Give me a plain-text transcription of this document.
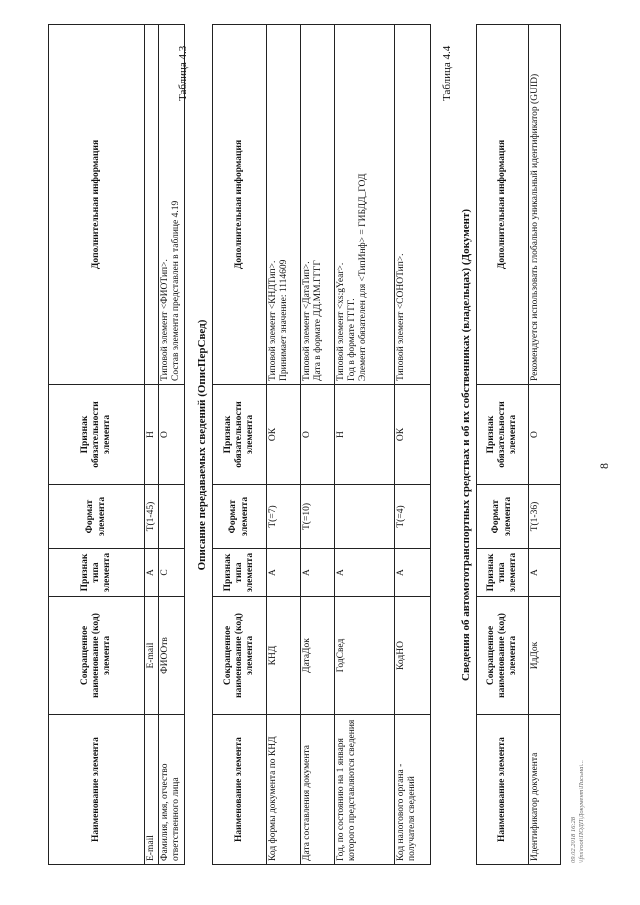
8
Наименование элемента	Сокращенное наименование (код) элемента	Признак типа элемента	Формат элемента	Признак обязательности элемента	Дополнительная информация
E-mail	E-mail	А	T(1-45)	Н	
Фамилия, имя, отчество ответственного лица	ФИООтв	С		О	Типовой элемент <ФИОТип>.
Состав элемента представлен в таблице 4.19
Таблица 4.3
Описание передаваемых сведений (ОписПерСвед)
Наименование элемента	Сокращенное наименование (код) элемента	Признак типа элемента	Формат элемента	Признак обязательности элемента	Дополнительная информация
Код формы документа по КНД	КНД	А	T(=7)	ОК	Типовой элемент <КНДТип>.
Принимает значение: 1114609
Дата составления документа	ДатаДок	А	T(=10)	О	Типовой элемент <ДатаТип>.
Дата в формате ДД.ММ.ГГГГ
Год, по состоянию на 1 января которого представляются сведения	ГодСвед	А		Н	Типовой элемент <xs:gYear>.
Год в формате ГГГГ.
Элемент обязателен для <ТипИнф> = ГИБДД_ГОД
Код налогового органа - получателя сведений	КодНО	А	T(=4)	ОК	Типовой элемент <СОНОТип>.
Таблица 4.4
Сведения об автомототранспортных средствах и об их собственниках (владельцах) (Документ)
Наименование элемента	Сокращенное наименование (код) элемента	Признак типа элемента	Формат элемента	Признак обязательности элемента	Дополнительная информация
Идентификатор документа	ИдДок	А	T(1-36)	О	Рекомендуется использовать глобально уникальный идентификатор (GUID)
09.02.2018 16:28 \\fns\root\ПОДП\Документ\Письма\...
